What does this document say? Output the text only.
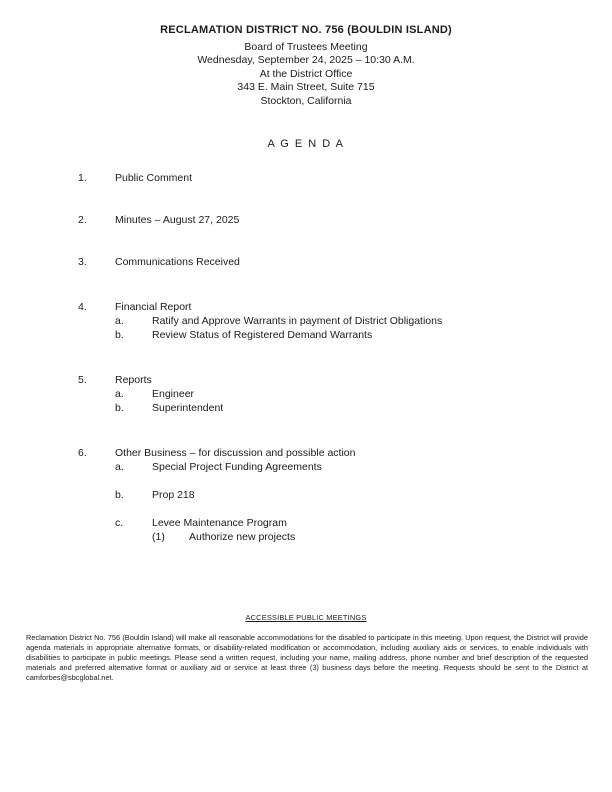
RECLAMATION DISTRICT NO. 756 (BOULDIN ISLAND)
Board of Trustees Meeting
Wednesday, September 24, 2025 – 10:30 A.M.
At the District Office
343 E. Main Street, Suite 715
Stockton, California
A G E N D A
1.	Public Comment
2.	Minutes – August 27, 2025
3.	Communications Received
4.	Financial Report
a.	Ratify and Approve Warrants in payment of District Obligations
b.	Review Status of Registered Demand Warrants
5.	Reports
a.	Engineer
b.	Superintendent
6.	Other Business – for discussion and possible action
a.	Special Project Funding Agreements
b.	Prop 218
c.	Levee Maintenance Program
(1) Authorize new projects
ACCESSIBLE PUBLIC MEETINGS
Reclamation District No. 756 (Bouldin Island) will make all reasonable accommodations for the disabled to participate in this meeting. Upon request, the District will provide agenda materials in appropriate alternative formats, or disability-related modification or accommodation, including auxiliary aids or services, to enable individuals with disabilities to participate in public meetings. Please send a written request, including your name, mailing address, phone number and brief description of the requested materials and preferred alternative format or auxiliary aid or service at least three (3) business days before the meeting. Requests should be sent to the District at camforbes@sbcglobal.net.
